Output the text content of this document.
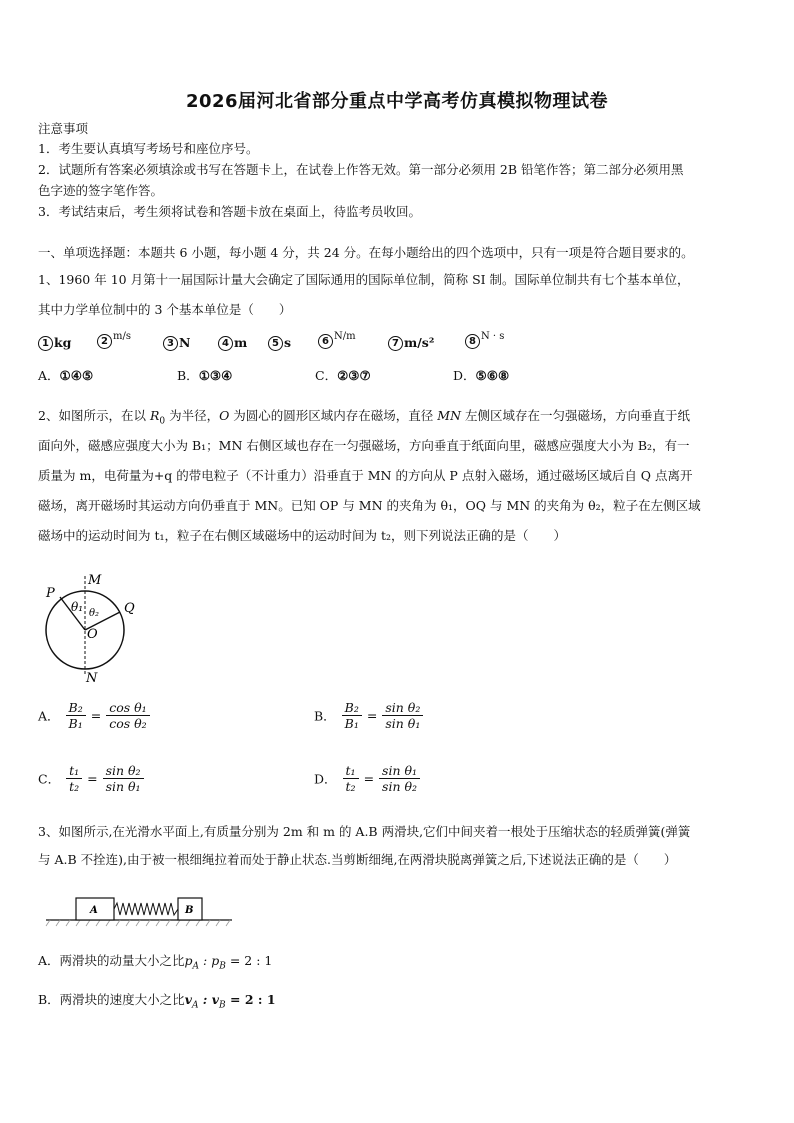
2026届河北省部分重点中学高考仿真模拟物理试卷
注意事项
1．考生要认真填写考场号和座位序号。
2．试题所有答案必须填涂或书写在答题卡上，在试卷上作答无效。第一部分必须用 2B 铅笔作答；第二部分必须用黑
色字迹的签字笔作答。
3．考试结束后，考生须将试卷和答题卡放在桌面上，待监考员收回。
一、单项选择题：本题共 6 小题，每小题 4 分，共 24 分。在每小题给出的四个选项中，只有一项是符合题目要求的。
1、1960 年 10 月第十一届国际计量大会确定了国际通用的国际单位制，简称 SI 制。国际单位制共有七个基本单位，
其中力学单位制中的 3 个基本单位是（　　）
1 kg	2 $^{m/s}$
3 N	4 m	5 s	6 $^{N/m}$
7 m/s²	8 $^{N \cdot s}$
A．①④⑤	B．①③④	C．②③⑦	D．⑤⑥⑧
2、如图所示，在以 $R_0$ 为半径，O 为圆心的圆形区域内存在磁场，直径 MN 左侧区域存在一匀强磁场，方向垂直于纸
面向外，磁感应强度大小为 B₁；MN 右侧区域也存在一匀强磁场，方向垂直于纸面向里，磁感应强度大小为 B₂，有一
质量为 m，电荷量为+q 的带电粒子（不计重力）沿垂直于 MN 的方向从 P 点射入磁场，通过磁场区域后自 Q 点离开
磁场，离开磁场时其运动方向仍垂直于 MN。已知 OP 与 MN 的夹角为 θ₁，OQ 与 MN 的夹角为 θ₂，粒子在左侧区域
磁场中的运动时间为 t₁，粒子在右侧区域磁场中的运动时间为 t₂，则下列说法正确的是（　　）
M
N
P
Q
O
θ₁ θ₂
A． $\frac{\text{B₂}}{\text{B₁}} = \frac{\text{cos θ₁}}{\text{cos θ₂}}$	B． $\frac{\text{B₂}}{\text{B₁}} = \frac{\text{sin θ₂}}{\text{sin θ₁}}$
C． $\frac{\text{t₁}}{\text{t₂}} = \frac{\text{sin θ₂}}{\text{sin θ₁}}$	D． $\frac{\text{t₁}}{\text{t₂}} = \frac{\text{sin θ₁}}{\text{sin θ₂}}$
3、如图所示,在光滑水平面上,有质量分别为 2m 和 m 的 A.B 两滑块,它们中间夹着一根处于压缩状态的轻质弹簧(弹簧
与 A.B 不拴连),由于被一根细绳拉着而处于静止状态.当剪断细绳,在两滑块脱离弹簧之后,下述说法正确的是（　　）
A	B
A．两滑块的动量大小之比$p_A$ : $p_B = 2$ : 1
B．两滑块的速度大小之比$v_A$ : $v_B = 2$ : 1
